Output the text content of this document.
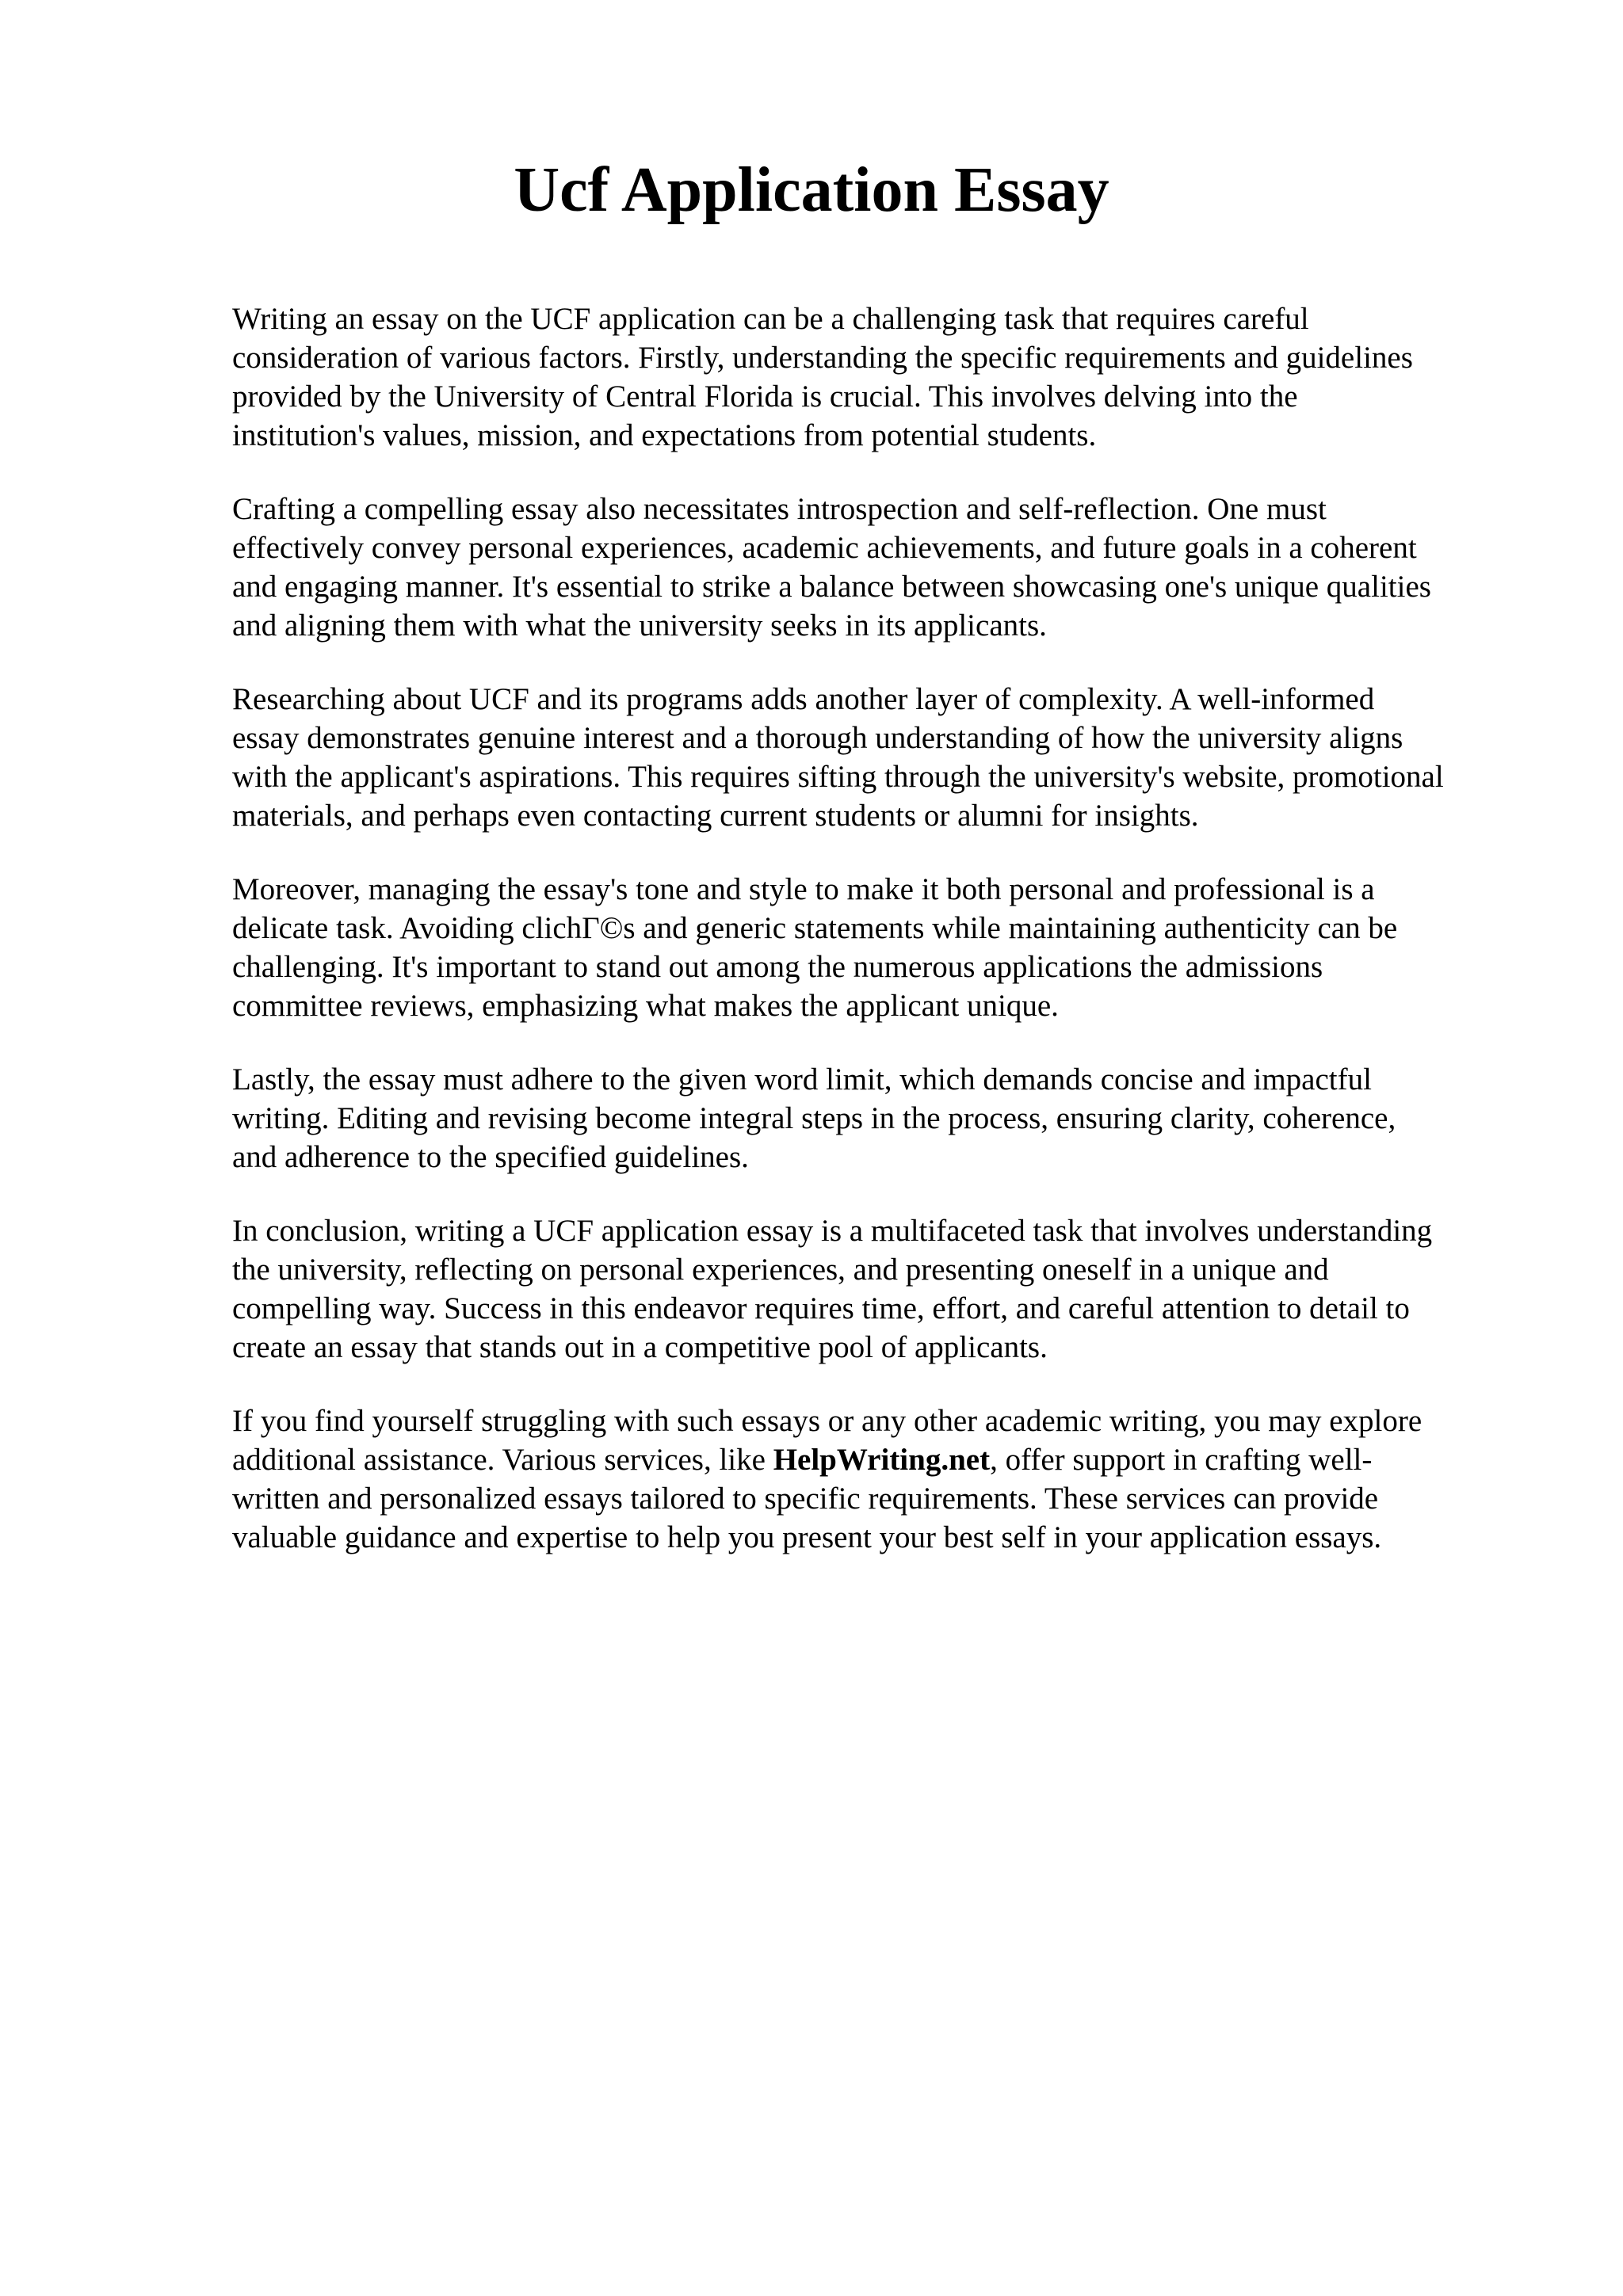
Ucf Application Essay

Writing an essay on the UCF application can be a challenging task that requires careful
consideration of various factors. Firstly, understanding the specific requirements and guidelines
provided by the University of Central Florida is crucial. This involves delving into the
institution's values, mission, and expectations from potential students.

Crafting a compelling essay also necessitates introspection and self-reflection. One must
effectively convey personal experiences, academic achievements, and future goals in a coherent
and engaging manner. It's essential to strike a balance between showcasing one's unique qualities
and aligning them with what the university seeks in its applicants.

Researching about UCF and its programs adds another layer of complexity. A well-informed
essay demonstrates genuine interest and a thorough understanding of how the university aligns
with the applicant's aspirations. This requires sifting through the university's website, promotional
materials, and perhaps even contacting current students or alumni for insights.

Moreover, managing the essay's tone and style to make it both personal and professional is a
delicate task. Avoiding clichΓ©s and generic statements while maintaining authenticity can be
challenging. It's important to stand out among the numerous applications the admissions
committee reviews, emphasizing what makes the applicant unique.

Lastly, the essay must adhere to the given word limit, which demands concise and impactful
writing. Editing and revising become integral steps in the process, ensuring clarity, coherence,
and adherence to the specified guidelines.

In conclusion, writing a UCF application essay is a multifaceted task that involves understanding
the university, reflecting on personal experiences, and presenting oneself in a unique and
compelling way. Success in this endeavor requires time, effort, and careful attention to detail to
create an essay that stands out in a competitive pool of applicants.

If you find yourself struggling with such essays or any other academic writing, you may explore
additional assistance. Various services, like HelpWriting.net, offer support in crafting well-
written and personalized essays tailored to specific requirements. These services can provide
valuable guidance and expertise to help you present your best self in your application essays.
